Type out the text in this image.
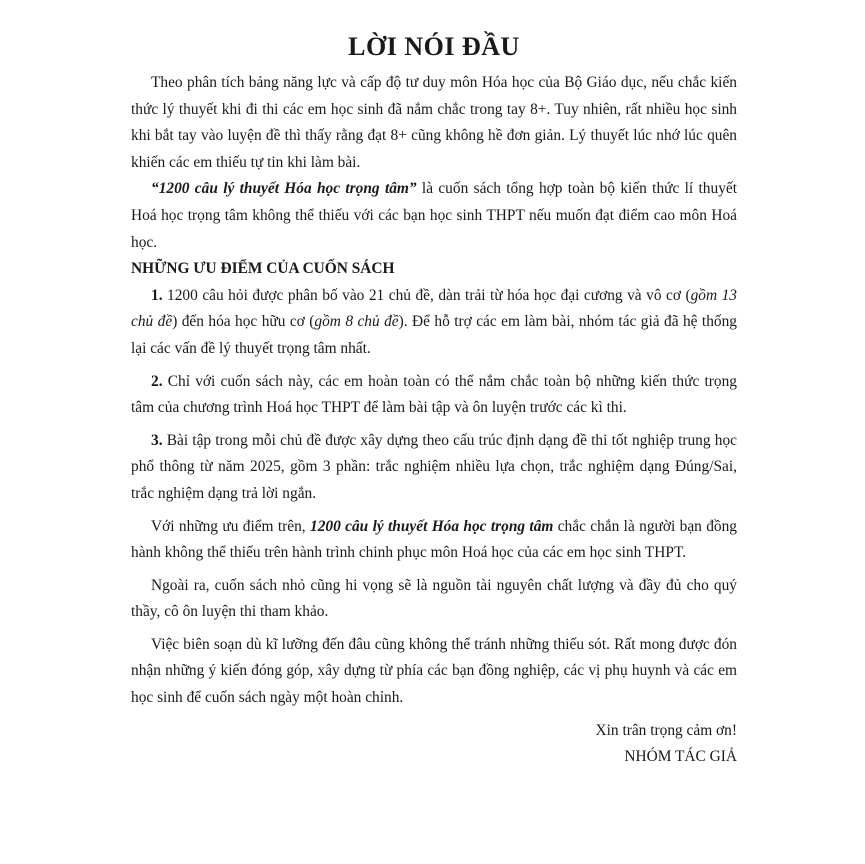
LỜI NÓI ĐẦU

Theo phân tích bảng năng lực và cấp độ tư duy môn Hóa học của Bộ Giáo dục, nếu chắc kiến thức lý thuyết khi đi thi các em học sinh đã nắm chắc trong tay 8+. Tuy nhiên, rất nhiều học sinh khi bắt tay vào luyện đề thì thấy rằng đạt 8+ cũng không hề đơn giản. Lý thuyết lúc nhớ lúc quên khiến các em thiếu tự tin khi làm bài.

“1200 câu lý thuyết Hóa học trọng tâm” là cuốn sách tổng hợp toàn bộ kiến thức lí thuyết Hoá học trọng tâm không thể thiếu với các bạn học sinh THPT nếu muốn đạt điểm cao môn Hoá học.

NHỮNG ƯU ĐIỂM CỦA CUỐN SÁCH

1. 1200 câu hỏi được phân bố vào 21 chủ đề, dàn trải từ hóa học đại cương và vô cơ (gồm 13 chủ đề) đến hóa học hữu cơ (gồm 8 chủ đề). Để hỗ trợ các em làm bài, nhóm tác giả đã hệ thống lại các vấn đề lý thuyết trọng tâm nhất.

2. Chỉ với cuốn sách này, các em hoàn toàn có thể nắm chắc toàn bộ những kiến thức trọng tâm của chương trình Hoá học THPT để làm bài tập và ôn luyện trước các kì thi.

3. Bài tập trong mỗi chủ đề được xây dựng theo cấu trúc định dạng đề thi tốt nghiệp trung học phổ thông từ năm 2025, gồm 3 phần: trắc nghiệm nhiều lựa chọn, trắc nghiệm dạng Đúng/Sai, trắc nghiệm dạng trả lời ngắn.

Với những ưu điểm trên, 1200 câu lý thuyết Hóa học trọng tâm chắc chắn là người bạn đồng hành không thể thiếu trên hành trình chinh phục môn Hoá học của các em học sinh THPT.

Ngoài ra, cuốn sách nhỏ cũng hi vọng sẽ là nguồn tài nguyên chất lượng và đầy đủ cho quý thầy, cô ôn luyện thi tham khảo.

Việc biên soạn dù kĩ lưỡng đến đâu cũng không thể tránh những thiếu sót. Rất mong được đón nhận những ý kiến đóng góp, xây dựng từ phía các bạn đồng nghiệp, các vị phụ huynh và các em học sinh để cuốn sách ngày một hoàn chỉnh.

Xin trân trọng cảm ơn!

NHÓM TÁC GIẢ
